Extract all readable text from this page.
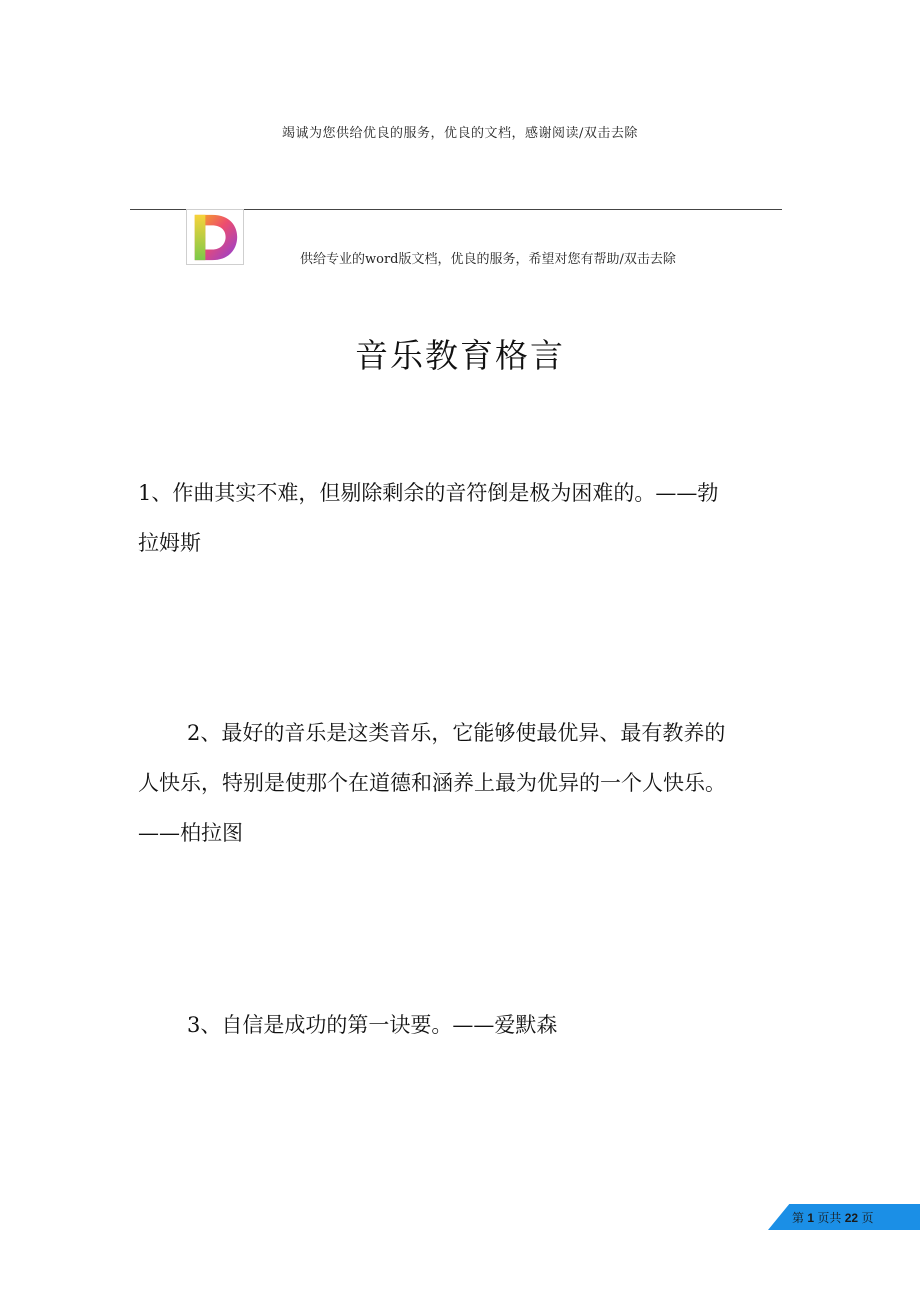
竭诚为您供给优良的服务，优良的文档，感谢阅读/双击去除
供给专业的word版文档，优良的服务，希望对您有帮助/双击去除
音乐教育格言
1、作曲其实不难，但剔除剩余的音符倒是极为困难的。——勃拉姆斯
2、最好的音乐是这类音乐，它能够使最优异、最有教养的人快乐，特别是使那个在道德和涵养上最为优异的一个人快乐。——柏拉图
3、自信是成功的第一诀要。——爱默森
第 1 页共 22 页
